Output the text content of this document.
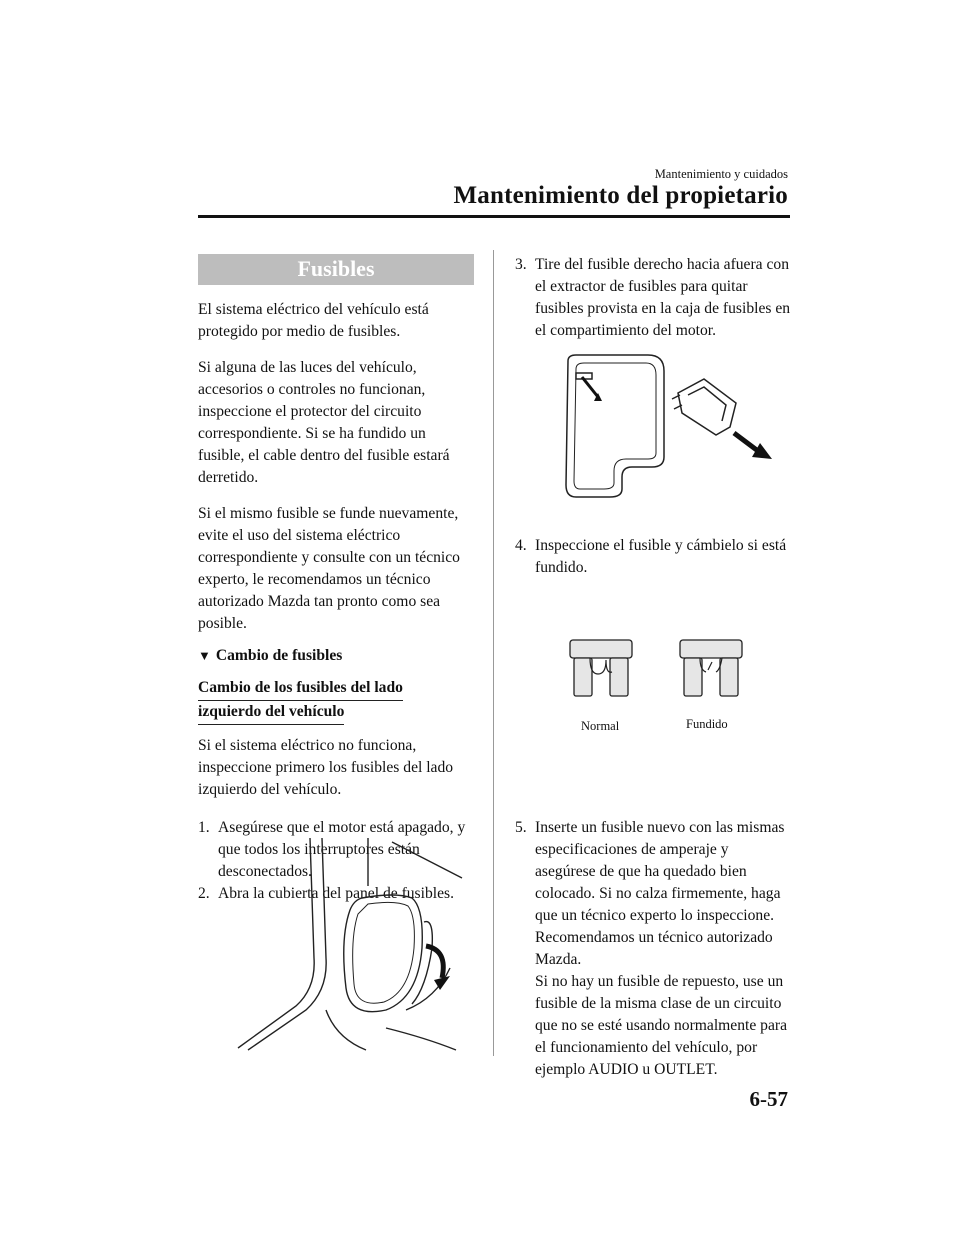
Mantenimiento y cuidados
Mantenimiento del propietario
Fusibles

El sistema eléctrico del vehículo está protegido por medio de fusibles.

Si alguna de las luces del vehículo, accesorios o controles no funcionan, inspeccione el protector del circuito correspondiente. Si se ha fundido un fusible, el cable dentro del fusible estará derretido.

Si el mismo fusible se funde nuevamente, evite el uso del sistema eléctrico correspondiente y consulte con un técnico experto, le recomendamos un técnico autorizado Mazda tan pronto como sea posible.

▼ Cambio de fusibles

Cambio de los fusibles del lado
izquierdo del vehículo

Si el sistema eléctrico no funciona, inspeccione primero los fusibles del lado izquierdo del vehículo.

1. Asegúrese que el motor está apagado, y que todos los interruptores están desconectados.
2. Abra la cubierta del panel de fusibles.
3. Tire del fusible derecho hacia afuera con el extractor de fusibles para quitar fusibles provista en la caja de fusibles en el compartimiento del motor.
4. Inspeccione el fusible y cámbielo si está fundido.
Normal	Fundido

5. Inserte un fusible nuevo con las mismas especificaciones de amperaje y asegúrese de que ha quedado bien colocado. Si no calza firmemente, haga que un técnico experto lo inspeccione. Recomendamos un técnico autorizado Mazda.
Si no hay un fusible de repuesto, use un fusible de la misma clase de un circuito que no se esté usando normalmente para el funcionamiento del vehículo, por ejemplo AUDIO u OUTLET.

6-57
